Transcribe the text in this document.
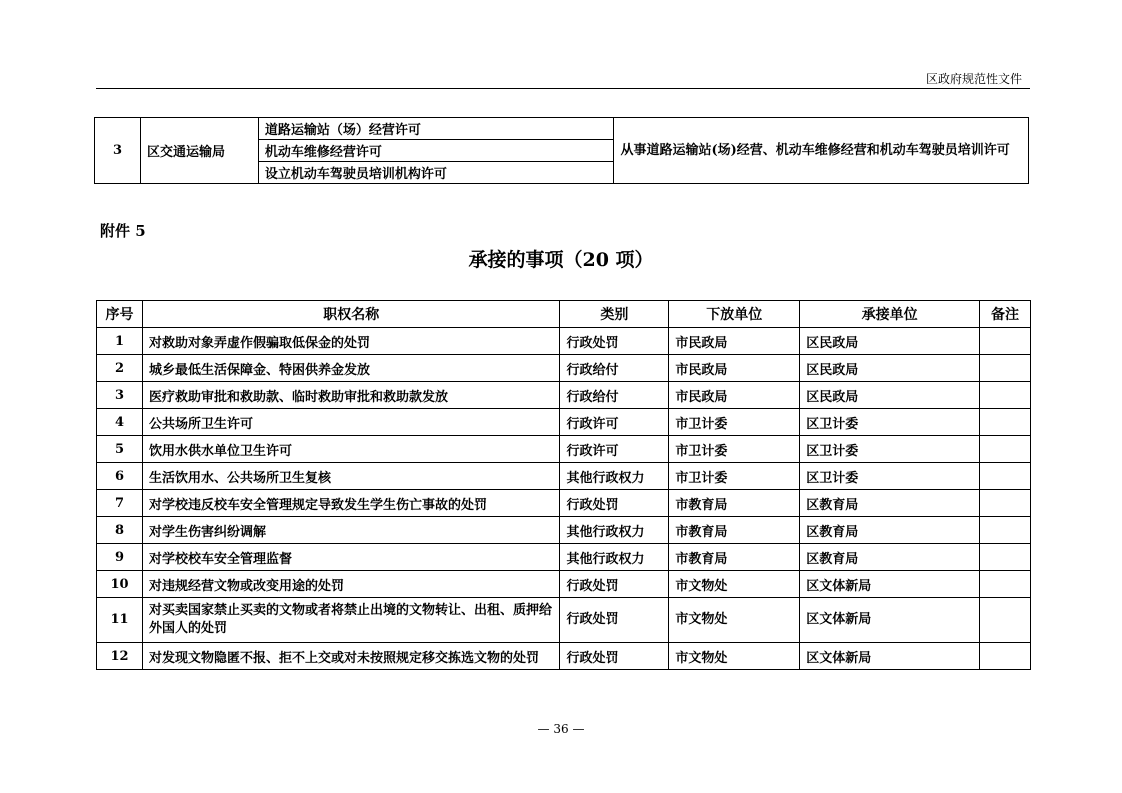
区政府规范性文件
3	区交通运输局	道路运输站（场）经营许可	从事道路运输站(场)经营、机动车维修经营和机动车驾驶员培训许可
机动车维修经营许可
设立机动车驾驶员培训机构许可
附件 5
承接的事项（20 项）
序号	职权名称	类别	下放单位	承接单位	备注
1	对救助对象弄虚作假骗取低保金的处罚	行政处罚	市民政局	区民政局	
2	城乡最低生活保障金、特困供养金发放	行政给付	市民政局	区民政局	
3	医疗救助审批和救助款、临时救助审批和救助款发放	行政给付	市民政局	区民政局	
4	公共场所卫生许可	行政许可	市卫计委	区卫计委	
5	饮用水供水单位卫生许可	行政许可	市卫计委	区卫计委	
6	生活饮用水、公共场所卫生复核	其他行政权力	市卫计委	区卫计委	
7	对学校违反校车安全管理规定导致发生学生伤亡事故的处罚	行政处罚	市教育局	区教育局	
8	对学生伤害纠纷调解	其他行政权力	市教育局	区教育局	
9	对学校校车安全管理监督	其他行政权力	市教育局	区教育局	
10	对违规经营文物或改变用途的处罚	行政处罚	市文物处	区文体新局	
11	对买卖国家禁止买卖的文物或者将禁止出境的文物转让、出租、质押给外国人的处罚	行政处罚	市文物处	区文体新局	
12	对发现文物隐匿不报、拒不上交或对未按照规定移交拣选文物的处罚	行政处罚	市文物处	区文体新局	
— 36 —
